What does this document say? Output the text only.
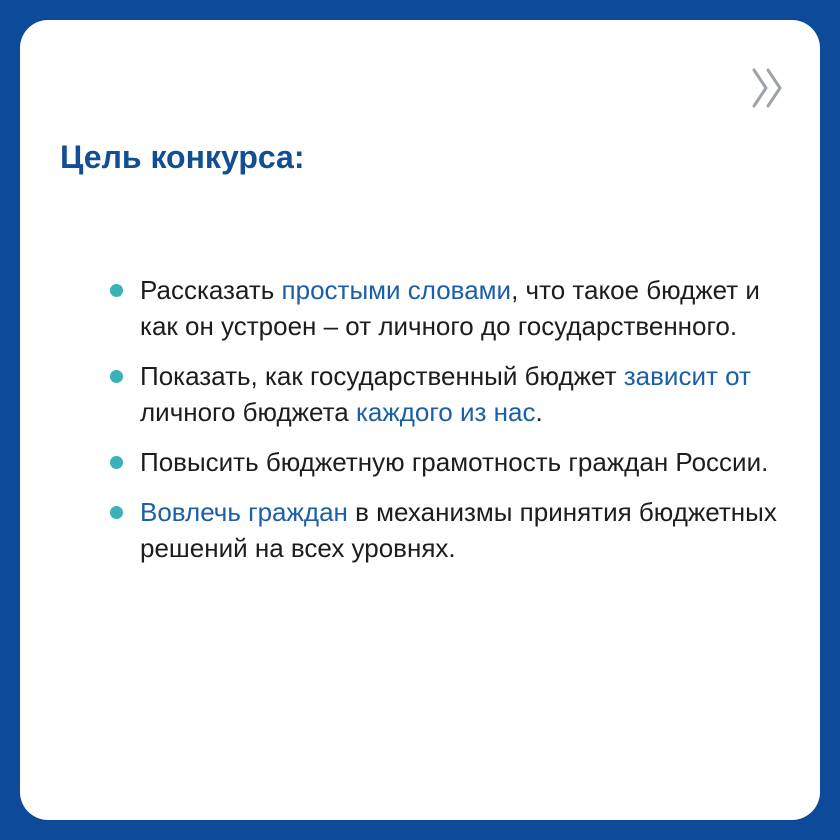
Цель конкурса:
Рассказать простыми словами, что такое бюджет и как он устроен – от личного до государственного.
Показать, как государственный бюджет зависит от личного бюджета каждого из нас.
Повысить бюджетную грамотность граждан России.
Вовлечь граждан в механизмы принятия бюджетных решений на всех уровнях.
